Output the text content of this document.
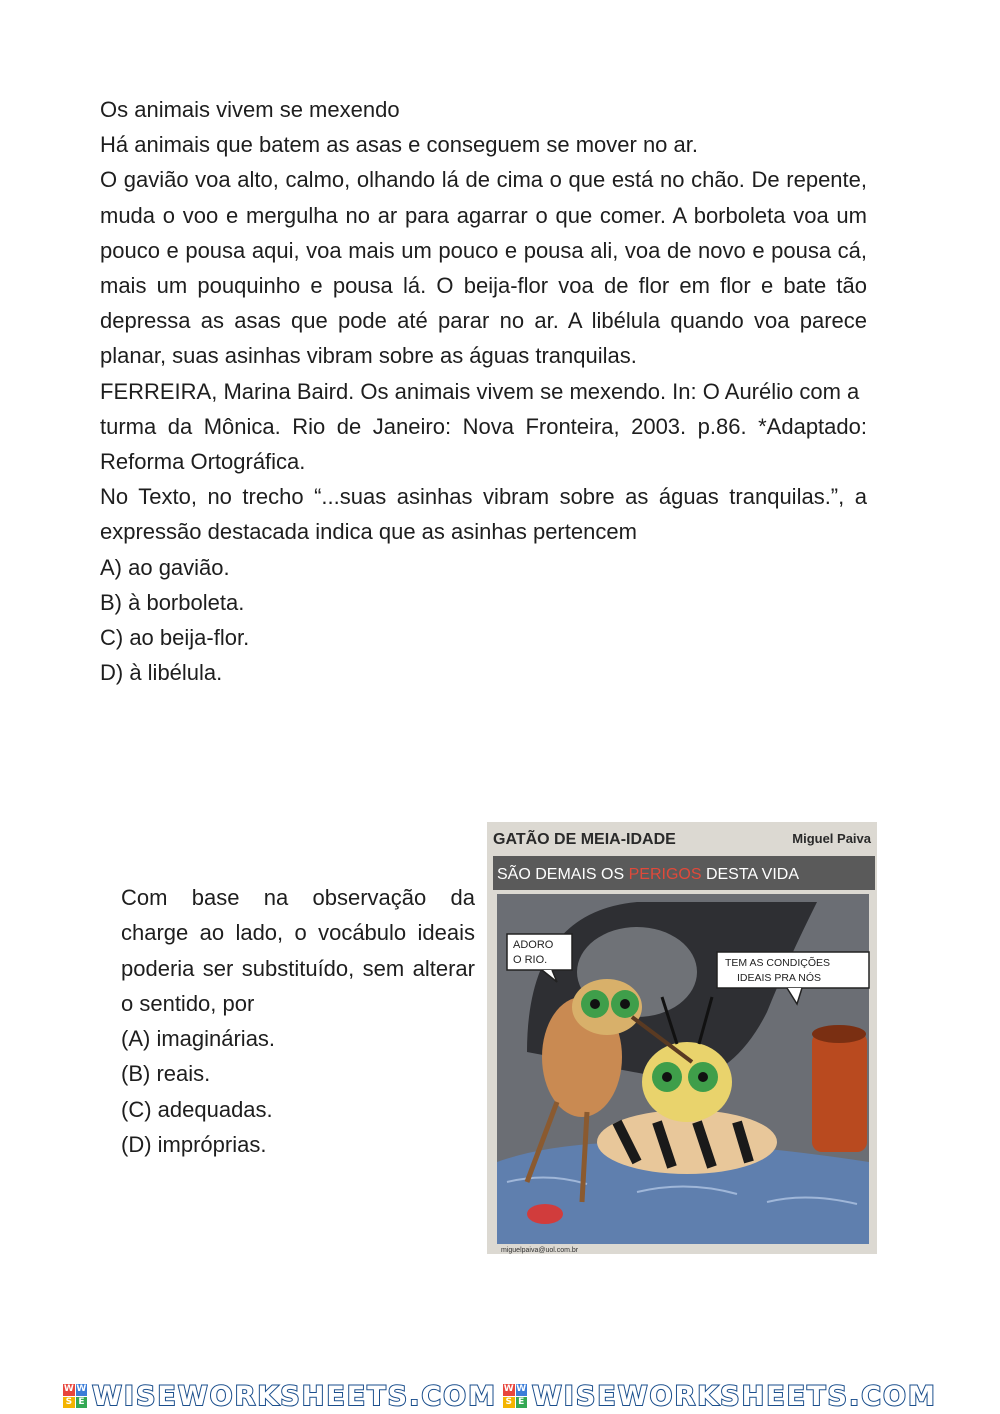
Os animais vivem se mexendo

Há animais que batem as asas e conseguem se mover no ar.

O gavião voa alto, calmo, olhando lá de cima o que está no chão. De repente, muda o voo e mergulha no ar para agarrar o que comer. A borboleta voa um pouco e pousa aqui, voa mais um pouco e pousa ali, voa de novo e pousa cá, mais um pouquinho e pousa lá. O beija-flor voa de flor em flor e bate tão depressa as asas que pode até parar no ar. A libélula quando voa parece planar, suas asinhas vibram sobre as águas tranquilas.

FERREIRA, Marina Baird. Os animais vivem se mexendo. In: O Aurélio com a

turma da Mônica. Rio de Janeiro: Nova Fronteira, 2003. p.86. *Adaptado: Reforma Ortográfica.

No Texto, no trecho “...suas asinhas vibram sobre as águas tranquilas.”, a expressão destacada indica que as asinhas pertencem

A) ao gavião.

B) à borboleta.

C) ao beija-flor.

D) à libélula.

Com base na observação da charge ao lado, o vocábulo ideais poderia ser substituído, sem alterar o sentido, por

(A) imaginárias.

(B) reais.

(C) adequadas.

(D) impróprias.

GATÃO DE MEIA-IDADE	Miguel Paiva
SÃO DEMAIS OS PERIGOS DESTA VIDA
ADORO
O RIO.	TEM AS CONDIÇÕES
IDEAIS PRA NÓS
miguelpaiva@uol.com.br
W W
S E WISEWORKSHEETS.COM W W
S E WISEWORKSHEETS.COM
